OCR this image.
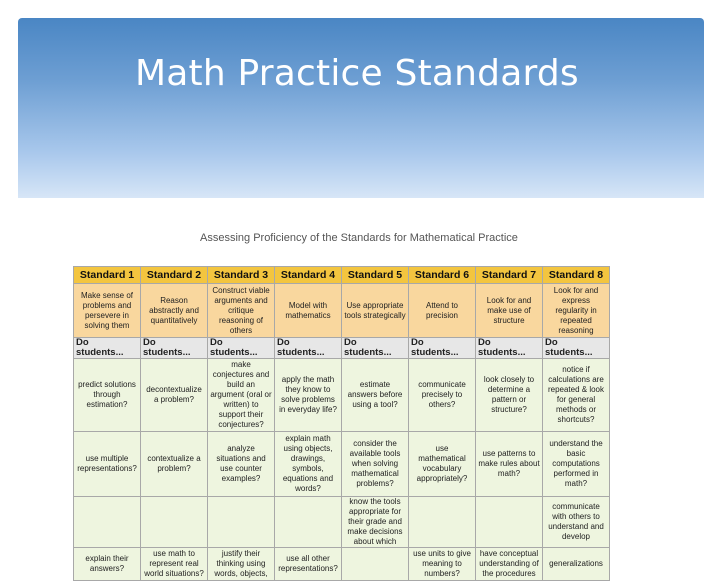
Math Practice Standards
Assessing Proficiency of the Standards for Mathematical Practice
Standard 1	Standard 2	Standard 3	Standard 4	Standard 5	Standard 6	Standard 7	Standard 8
Make sense of problems and persevere in solving them	Reason abstractly and quantitatively	Construct viable arguments and critique reasoning of others	Model with mathematics	Use appropriate tools strategically	Attend to precision	Look for and make use of structure	Look for and express regularity in repeated reasoning
Do students...	Do students...	Do students...	Do students...	Do students...	Do students...	Do students...	Do students...
predict solutions through estimation?	decontextualize a problem?	make conjectures and build an argument (oral or written) to support their conjectures?	apply the math they know to solve problems in everyday life?	estimate answers before using a tool?	communicate precisely to others?	look closely to determine a pattern or structure?	notice if calculations are repeated & look for general methods or shortcuts?
use multiple representations?	contextualize a problem?	analyze situations and use counter examples?	explain math using objects, drawings, symbols, equations and words?	consider the available tools when solving mathematical problems?	use mathematical vocabulary appropriately?	use patterns to make rules about math?	understand the basic computations performed in math?
				know the tools appropriate for their grade and make decisions about which			communicate with others to understand and develop
explain their answers?	use math to represent real world situations?	justify their thinking using words, objects,	use all other representations?		use units to give meaning to numbers?	have conceptual understanding of the procedures	generalizations
